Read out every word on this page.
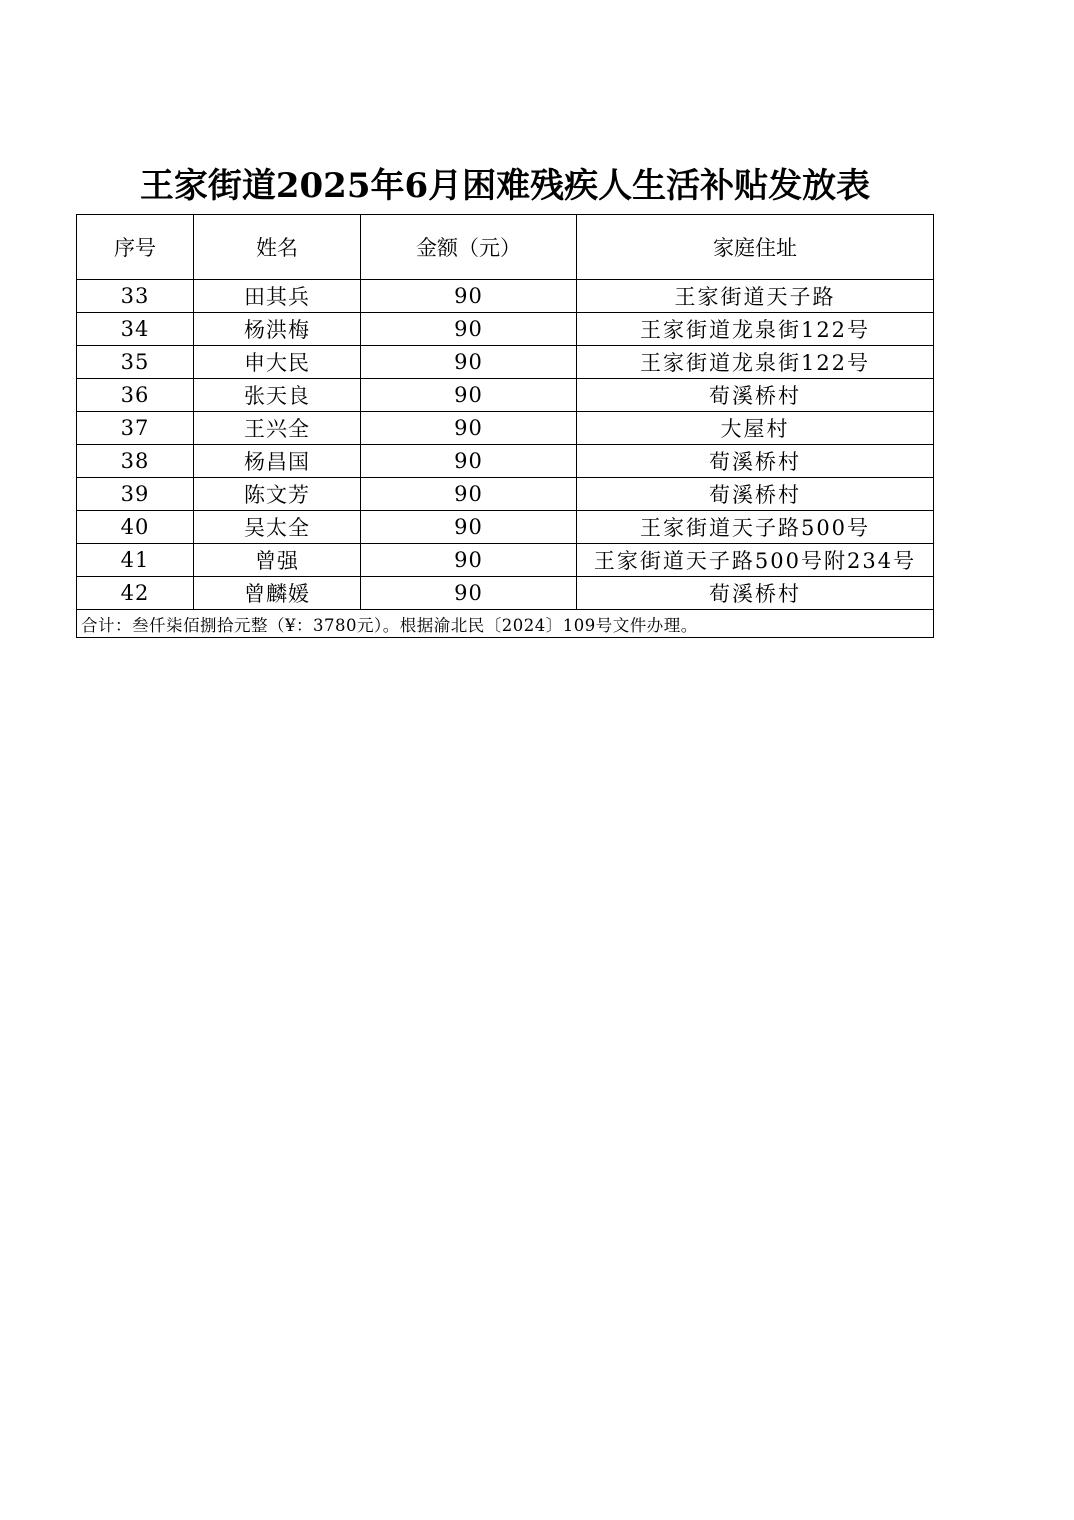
王家街道2025年6月困难残疾人生活补贴发放表
序号	姓名	金额（元）	家庭住址
33	田其兵	90	王家街道天子路
34	杨洪梅	90	王家街道龙泉街122号
35	申大民	90	王家街道龙泉街122号
36	张天良	90	荀溪桥村
37	王兴全	90	大屋村
38	杨昌国	90	荀溪桥村
39	陈文芳	90	荀溪桥村
40	吴太全	90	王家街道天子路500号
41	曾强	90	王家街道天子路500号附234号
42	曾麟媛	90	荀溪桥村
合计：叁仟柒佰捌拾元整（¥：3780元）。根据渝北民〔2024〕109号文件办理。			
